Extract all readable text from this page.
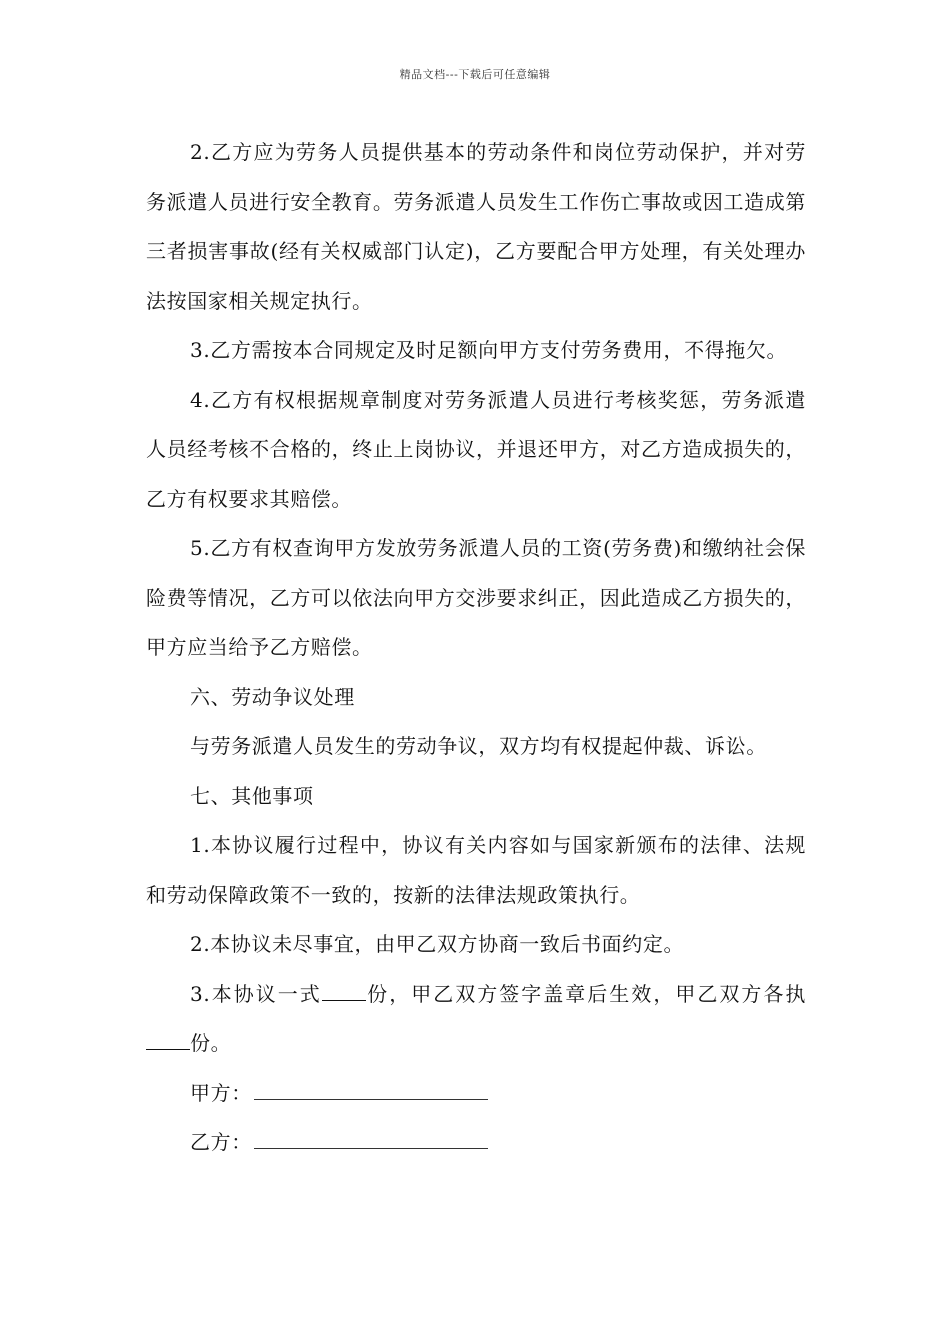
精品文档---下载后可任意编辑

2.乙方应为劳务人员提供基本的劳动条件和岗位劳动保护，并对劳务派遣人员进行安全教育。劳务派遣人员发生工作伤亡事故或因工造成第三者损害事故(经有关权威部门认定)，乙方要配合甲方处理，有关处理办法按国家相关规定执行。

3.乙方需按本合同规定及时足额向甲方支付劳务费用，不得拖欠。

4.乙方有权根据规章制度对劳务派遣人员进行考核奖惩，劳务派遣人员经考核不合格的，终止上岗协议，并退还甲方，对乙方造成损失的，乙方有权要求其赔偿。

5.乙方有权查询甲方发放劳务派遣人员的工资(劳务费)和缴纳社会保险费等情况，乙方可以依法向甲方交涉要求纠正，因此造成乙方损失的，甲方应当给予乙方赔偿。

六、劳动争议处理

与劳务派遣人员发生的劳动争议，双方均有权提起仲裁、诉讼。

七、其他事项

1.本协议履行过程中，协议有关内容如与国家新颁布的法律、法规和劳动保障政策不一致的，按新的法律法规政策执行。

2.本协议未尽事宜，由甲乙双方协商一致后书面约定。

3.本协议一式 份，甲乙双方签字盖章后生效，甲乙双方各执份。

甲方：
乙方：
